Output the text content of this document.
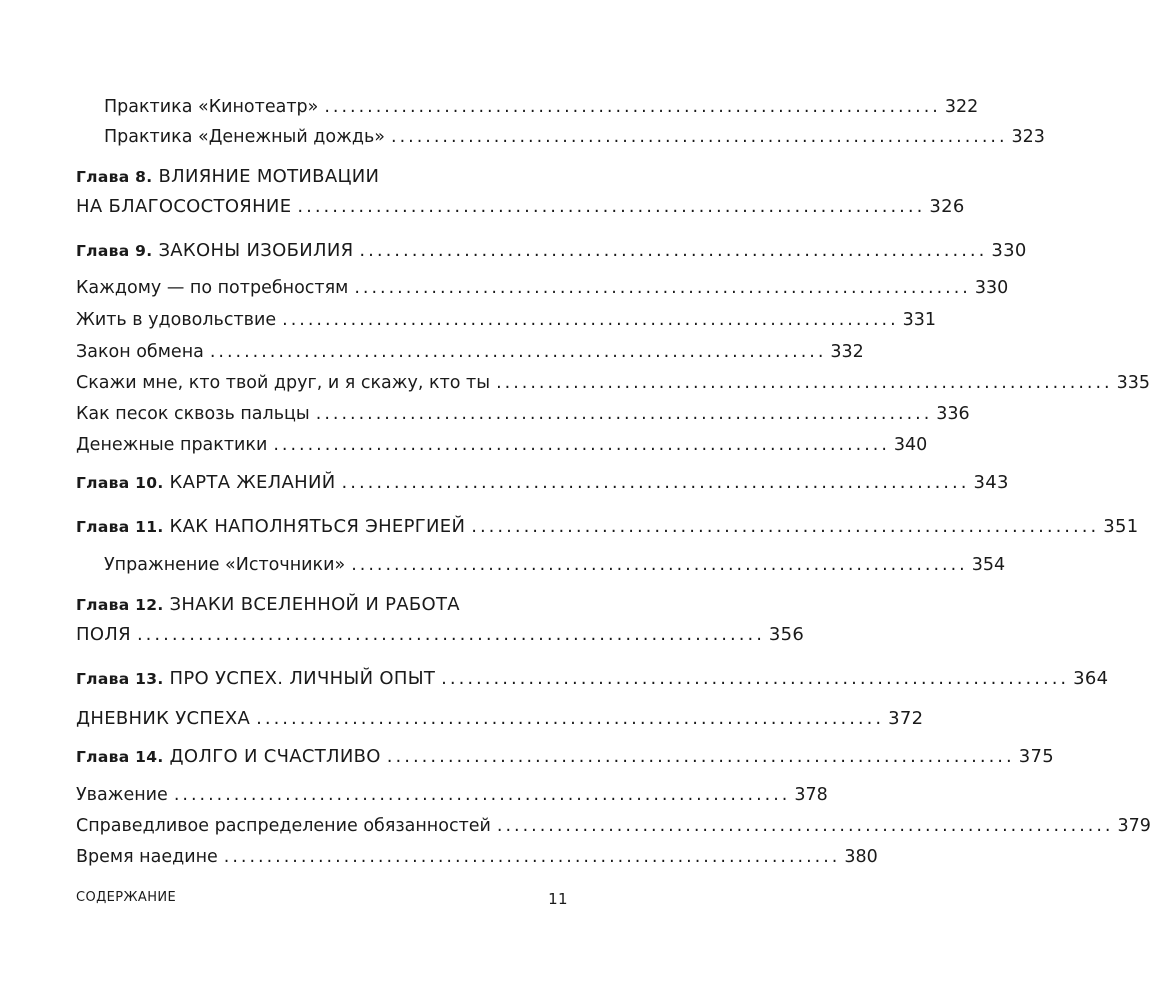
Практика «Кинотеатр» ........................................................................ 322
Практика «Денежный дождь» ........................................................................ 323
Глава 8. ВЛИЯНИЕ МОТИВАЦИИ
НА БЛАГОСОСТОЯНИЕ ........................................................................ 326
Глава 9. ЗАКОНЫ ИЗОБИЛИЯ ........................................................................ 330
Каждому — по потребностям ........................................................................ 330
Жить в удовольствие ........................................................................ 331
Закон обмена ........................................................................ 332
Скажи мне, кто твой друг, и я скажу, кто ты ........................................................................ 335
Как песок сквозь пальцы ........................................................................ 336
Денежные практики ........................................................................ 340
Глава 10. КАРТА ЖЕЛАНИЙ ........................................................................ 343
Глава 11. КАК НАПОЛНЯТЬСЯ ЭНЕРГИЕЙ ........................................................................ 351
Упражнение «Источники» ........................................................................ 354
Глава 12. ЗНАКИ ВСЕЛЕННОЙ И РАБОТА
ПОЛЯ ........................................................................ 356
Глава 13. ПРО УСПЕХ. ЛИЧНЫЙ ОПЫТ ........................................................................ 364
ДНЕВНИК УСПЕХА ........................................................................ 372
Глава 14. ДОЛГО И СЧАСТЛИВО ........................................................................ 375
Уважение ........................................................................ 378
Справедливое распределение обязанностей ........................................................................ 379
Время наедине ........................................................................ 380
СОДЕРЖАНИЕ	11
